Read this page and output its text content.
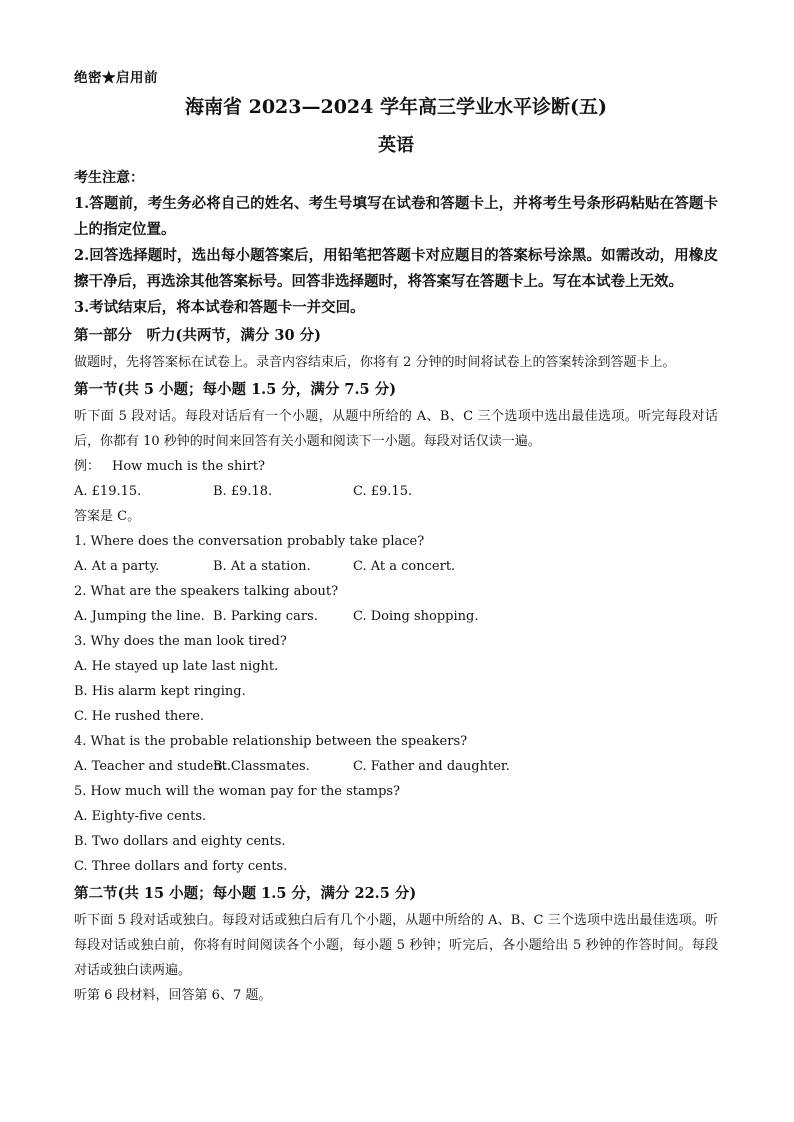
绝密★启用前
海南省 2023—2024 学年高三学业水平诊断(五)
英语
考生注意：

1.答题前，考生务必将自己的姓名、考生号填写在试卷和答题卡上，并将考生号条形码粘贴在答题卡上的指定位置。

2.回答选择题时，选出每小题答案后，用铅笔把答题卡对应题目的答案标号涂黑。如需改动，用橡皮擦干净后，再选涂其他答案标号。回答非选择题时，将答案写在答题卡上。写在本试卷上无效。

3.考试结束后，将本试卷和答题卡一并交回。

第一部分　听力(共两节，满分 30 分)

做题时，先将答案标在试卷上。录音内容结束后，你将有 2 分钟的时间将试卷上的答案转涂到答题卡上。

第一节(共 5 小题；每小题 1.5 分，满分 7.5 分)

听下面 5 段对话。每段对话后有一个小题，从题中所给的 A、B、C 三个选项中选出最佳选项。听完每段对话后，你都有 10 秒钟的时间来回答有关小题和阅读下一小题。每段对话仅读一遍。

例： How much is the shirt?

A. £19.15.	B. £9.18.	C. £9.15.

答案是 C。

1. Where does the conversation probably take place?

A. At a party.	B. At a station.	C. At a concert.

2. What are the speakers talking about?

A. Jumping the line. B. Parking cars.	C. Doing shopping.

3. Why does the man look tired?

A. He stayed up late last night.

B. His alarm kept ringing.

C. He rushed there.

4. What is the probable relationship between the speakers?

A. Teacher and student.
B. Classmates.	C. Father and daughter.

5. How much will the woman pay for the stamps?

A. Eighty-five cents.

B. Two dollars and eighty cents.

C. Three dollars and forty cents.

第二节(共 15 小题；每小题 1.5 分，满分 22.5 分)

听下面 5 段对话或独白。每段对话或独白后有几个小题，从题中所给的 A、B、C 三个选项中选出最佳选项。听每段对话或独白前，你将有时间阅读各个小题，每小题 5 秒钟；听完后，各小题给出 5 秒钟的作答时间。每段对话或独白读两遍。

听第 6 段材料，回答第 6、7 题。
